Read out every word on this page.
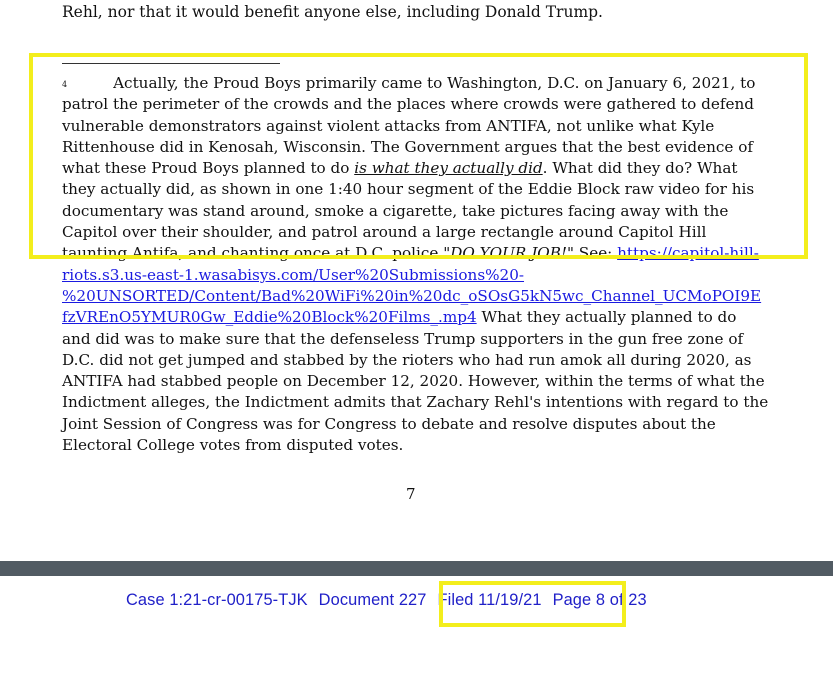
Rehl, nor that it would benefit anyone else, including Donald Trump.
$^4$	Actually, the Proud Boys primarily came to Washington, D.C. on January 6, 2021, to
patrol the perimeter of the crowds and the places where crowds were gathered to defend
vulnerable demonstrators against violent attacks from ANTIFA, not unlike what Kyle
Rittenhouse did in Kenosah, Wisconsin. The Government argues that the best evidence of
what these Proud Boys planned to do is what they actually did. What did they do? What
they actually did, as shown in one 1:40 hour segment of the Eddie Block raw video for his
documentary was stand around, smoke a cigarette, take pictures facing away with the
Capitol over their shoulder, and patrol around a large rectangle around Capitol Hill
taunting Antifa, and chanting once at D.C. police "DO YOUR JOB!" See: https://capitol-hill-
riots.s3.us-east-1.wasabisys.com/User%20Submissions%20-
%20UNSORTED/Content/Bad%20WiFi%20in%20dc_oSOsG5kN5wc_Channel_UCMoPOI9E
fzVREnO5YMUR0Gw_Eddie%20Block%20Films_.mp4 What they actually planned to do
and did was to make sure that the defenseless Trump supporters in the gun free zone of
D.C. did not get jumped and stabbed by the rioters who had run amok all during 2020, as
ANTIFA had stabbed people on December 12, 2020. However, within the terms of what the
Indictment alleges, the Indictment admits that Zachary Rehl's intentions with regard to the
Joint Session of Congress was for Congress to debate and resolve disputes about the
Electoral College votes from disputed votes.
7
Case 1:21-cr-00175-TJK Document 227 Filed 11/19/21 Page 8 of 23
